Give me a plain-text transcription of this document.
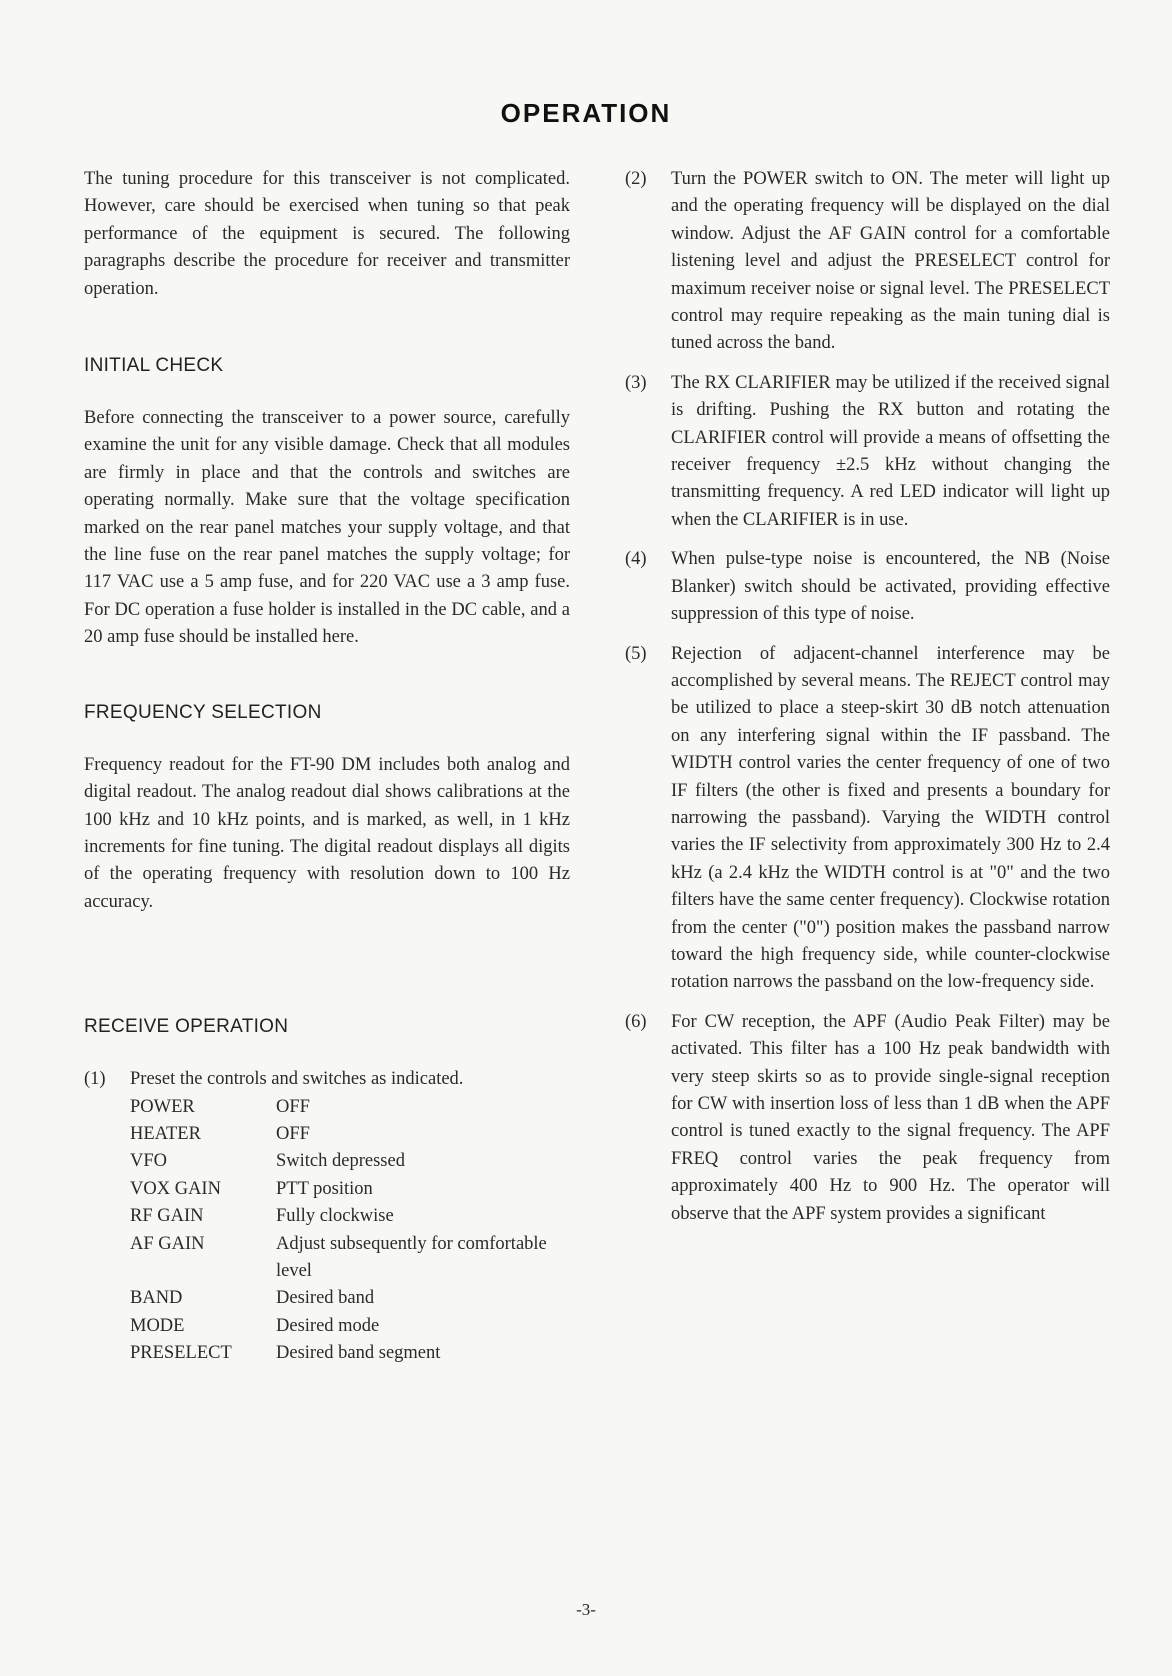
OPERATION

The tuning procedure for this transceiver is not complicated. However, care should be exercised when tuning so that peak performance of the equipment is secured. The following paragraphs describe the procedure for receiver and transmitter operation.

INITIAL CHECK

Before connecting the transceiver to a power source, carefully examine the unit for any visible damage. Check that all modules are firmly in place and that the controls and switches are operating normally. Make sure that the voltage specification marked on the rear panel matches your supply voltage, and that the line fuse on the rear panel matches the supply voltage; for 117 VAC use a 5 amp fuse, and for 220 VAC use a 3 amp fuse. For DC operation a fuse holder is installed in the DC cable, and a 20 amp fuse should be installed here.

FREQUENCY SELECTION

Frequency readout for the FT-90 DM includes both analog and digital readout. The analog readout dial shows calibrations at the 100 kHz and 10 kHz points, and is marked, as well, in 1 kHz increments for fine tuning. The digital readout displays all digits of the operating frequency with resolution down to 100 Hz accuracy.

RECEIVE OPERATION
(1)	Preset the controls and switches as indicated.
POWER	OFF
HEATER	OFF
VFO	Switch depressed
VOX GAIN	PTT position
RF GAIN	Fully clockwise
AF GAIN	Adjust subsequently for comfortable level
BAND	Desired band
MODE	Desired mode
PRESELECT	Desired band segment
(2)	Turn the POWER switch to ON. The meter will light up and the operating frequency will be displayed on the dial window. Adjust the AF GAIN control for a comfortable listening level and adjust the PRESELECT control for maximum receiver noise or signal level. The PRESELECT control may require repeaking as the main tuning dial is tuned across the band.
(3)	The RX CLARIFIER may be utilized if the received signal is drifting. Pushing the RX button and rotating the CLARIFIER control will provide a means of offsetting the receiver frequency ±2.5 kHz without changing the transmitting frequency. A red LED indicator will light up when the CLARIFIER is in use.
(4)	When pulse-type noise is encountered, the NB (Noise Blanker) switch should be activated, providing effective suppression of this type of noise.
(5)	Rejection of adjacent-channel interference may be accomplished by several means. The REJECT control may be utilized to place a steep-skirt 30 dB notch attenuation on any interfering signal within the IF passband. The WIDTH control varies the center frequency of one of two IF filters (the other is fixed and presents a boundary for narrowing the passband). Varying the WIDTH control varies the IF selectivity from approximately 300 Hz to 2.4 kHz (a 2.4 kHz the WIDTH control is at "0" and the two filters have the same center frequency). Clockwise rotation from the center ("0") position makes the passband narrow toward the high frequency side, while counter-clockwise rotation narrows the passband on the low-frequency side.
(6)	For CW reception, the APF (Audio Peak Filter) may be activated. This filter has a 100 Hz peak bandwidth with very steep skirts so as to provide single-signal reception for CW with insertion loss of less than 1 dB when the APF control is tuned exactly to the signal frequency. The APF FREQ control varies the peak frequency from approximately 400 Hz to 900 Hz. The operator will observe that the APF system provides a significant
-3-
